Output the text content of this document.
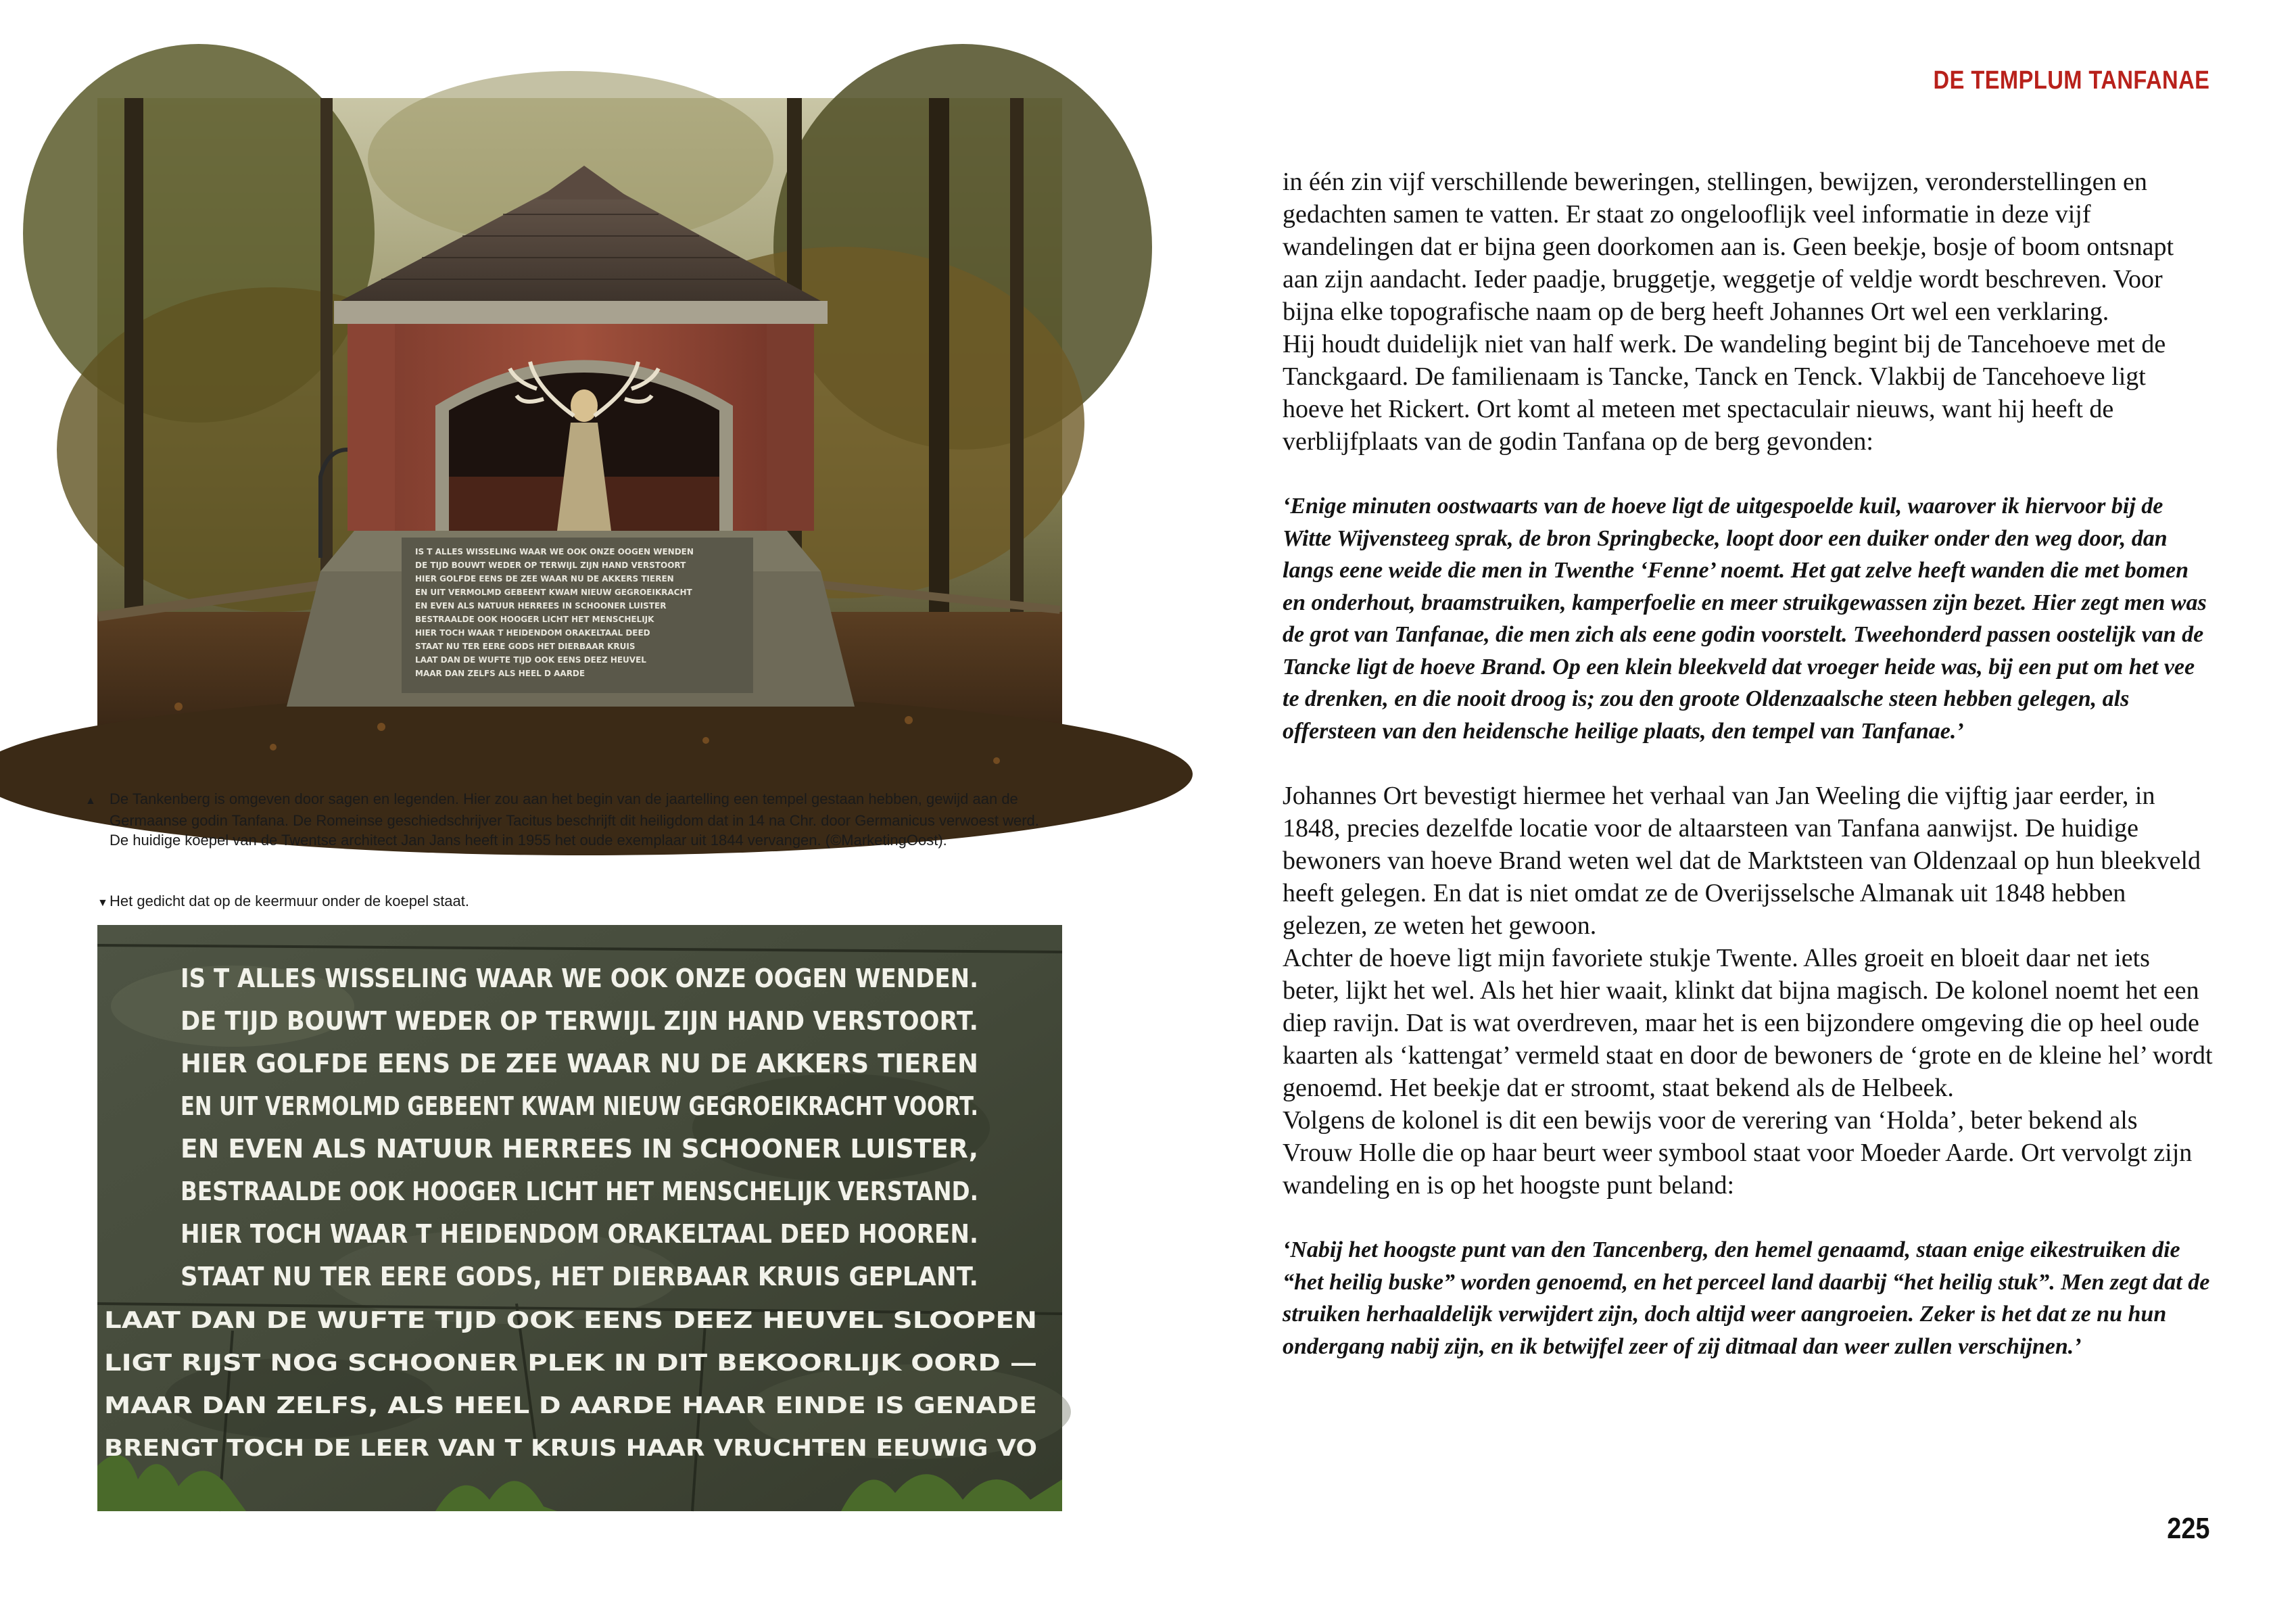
IS T ALLES WISSELING WAAR WE OOK ONZE OOGEN WENDEN
DE TIJD BOUWT WEDER OP TERWIJL ZIJN HAND VERSTOORT
HIER GOLFDE EENS DE ZEE WAAR NU DE AKKERS TIEREN
EN UIT VERMOLMD GEBEENT KWAM NIEUW GEGROEIKRACHT
EN EVEN ALS NATUUR HERREES IN SCHOONER LUISTER
BESTRAALDE OOK HOOGER LICHT HET MENSCHELIJK
HIER TOCH WAAR T HEIDENDOM ORAKELTAAL DEED
STAAT NU TER EERE GODS HET DIERBAAR KRUIS
LAAT DAN DE WUFTE TIJD OOK EENS DEEZ HEUVEL
MAAR DAN ZELFS ALS HEEL D AARDE
▲ De Tankenberg is omgeven door sagen en legenden. Hier zou aan het begin van de jaartelling een tempel gestaan hebben, gewijd aan de Germaanse godin Tanfana. De Romeinse geschiedschrijver Tacitus beschrijft dit heiligdom dat in 14 na Chr. door Germanicus verwoest werd. De huidige koepel van de Twentse architect Jan Jans heeft in 1955 het oude exemplaar uit 1844 vervangen. (©MarketingOost).
▼Het gedicht dat op de keermuur onder de koepel staat.
IS T ALLES WISSELING WAAR WE OOK ONZE OOGEN WENDEN.
DE TIJD BOUWT WEDER OP TERWIJL ZIJN HAND VERSTOORT.
HIER GOLFDE EENS DE ZEE WAAR NU DE AKKERS TIEREN
EN UIT VERMOLMD GEBEENT KWAM NIEUW GEGROEIKRACHT VOORT.
EN EVEN ALS NATUUR HERREES IN SCHOONER LUISTER,
BESTRAALDE OOK HOOGER LICHT HET MENSCHELIJK VERSTAND.
HIER TOCH WAAR T HEIDENDOM ORAKELTAAL DEED HOOREN.
STAAT NU TER EERE GODS, HET DIERBAAR KRUIS GEPLANT.
LAAT DAN DE WUFTE TIJD OOK EENS DEEZ HEUVEL SLOOPEN
LIGT RIJST NOG SCHOONER PLEK IN DIT BEKOORLIJK OORD —
MAAR DAN ZELFS, ALS HEEL D AARDE HAAR EINDE IS GENADE
BRENGT TOCH DE LEER VAN T KRUIS HAAR VRUCHTEN EEUWIG VO
DE TEMPLUM TANFANAE

in één zin vijf verschillende beweringen, stellingen, bewijzen, veronderstellingen en gedachten samen te vatten. Er staat zo ongelooflijk veel informatie in deze vijf wandelingen dat er bijna geen doorkomen aan is. Geen beekje, bosje of boom ontsnapt aan zijn aandacht. Ieder paadje, bruggetje, weggetje of veldje wordt beschreven. Voor bijna elke topografische naam op de berg heeft Johannes Ort wel een verklaring.

Hij houdt duidelijk niet van half werk. De wandeling begint bij de Tancehoeve met de Tanckgaard. De familienaam is Tancke, Tanck en Tenck. Vlakbij de Tancehoeve ligt hoeve het Rickert. Ort komt al meteen met spectaculair nieuws, want hij heeft de verblijfplaats van de godin Tanfana op de berg gevonden:

‘Enige minuten oostwaarts van de hoeve ligt de uitgespoelde kuil, waarover ik hiervoor bij de Witte Wijvensteeg sprak, de bron Springbecke, loopt door een duiker onder den weg door, dan langs eene weide die men in Twenthe ‘Fenne’ noemt. Het gat zelve heeft wanden die met bomen en onderhout, braamstruiken, kamperfoelie en meer struikgewassen zijn bezet. Hier zegt men was de grot van Tanfanae, die men zich als eene godin voorstelt. Tweehonderd passen oostelijk van de Tancke ligt de hoeve Brand. Op een klein bleekveld dat vroeger heide was, bij een put om het vee te drenken, en die nooit droog is; zou den groote Oldenzaalsche steen hebben gelegen, als offersteen van den heidensche heilige plaats, den tempel van Tanfanae.’

Johannes Ort bevestigt hiermee het verhaal van Jan Weeling die vijftig jaar eerder, in 1848, precies dezelfde locatie voor de altaarsteen van Tanfana aanwijst. De huidige bewoners van hoeve Brand weten wel dat de Marktsteen van Oldenzaal op hun bleekveld heeft gelegen. En dat is niet omdat ze de Overijsselsche Almanak uit 1848 hebben gelezen, ze weten het gewoon.

Achter de hoeve ligt mijn favoriete stukje Twente. Alles groeit en bloeit daar net iets beter, lijkt het wel. Als het hier waait, klinkt dat bijna magisch. De kolonel noemt het een diep ravijn. Dat is wat overdreven, maar het is een bijzondere omgeving die op heel oude kaarten als ‘kattengat’ vermeld staat en door de bewoners de ‘grote en de kleine hel’ wordt genoemd. Het beekje dat er stroomt, staat bekend als de Helbeek.

Volgens de kolonel is dit een bewijs voor de verering van ‘Holda’, beter bekend als Vrouw Holle die op haar beurt weer symbool staat voor Moeder Aarde. Ort vervolgt zijn wandeling en is op het hoogste punt beland:

‘Nabij het hoogste punt van den Tancenberg, den hemel genaamd, staan enige eikestruiken die “het heilig buske” worden genoemd, en het perceel land daarbij “het heilig stuk”. Men zegt dat de struiken herhaaldelijk verwijdert zijn, doch altijd weer aangroeien. Zeker is het dat ze nu hun ondergang nabij zijn, en ik betwijfel zeer of zij ditmaal dan weer zullen verschijnen.’

225
